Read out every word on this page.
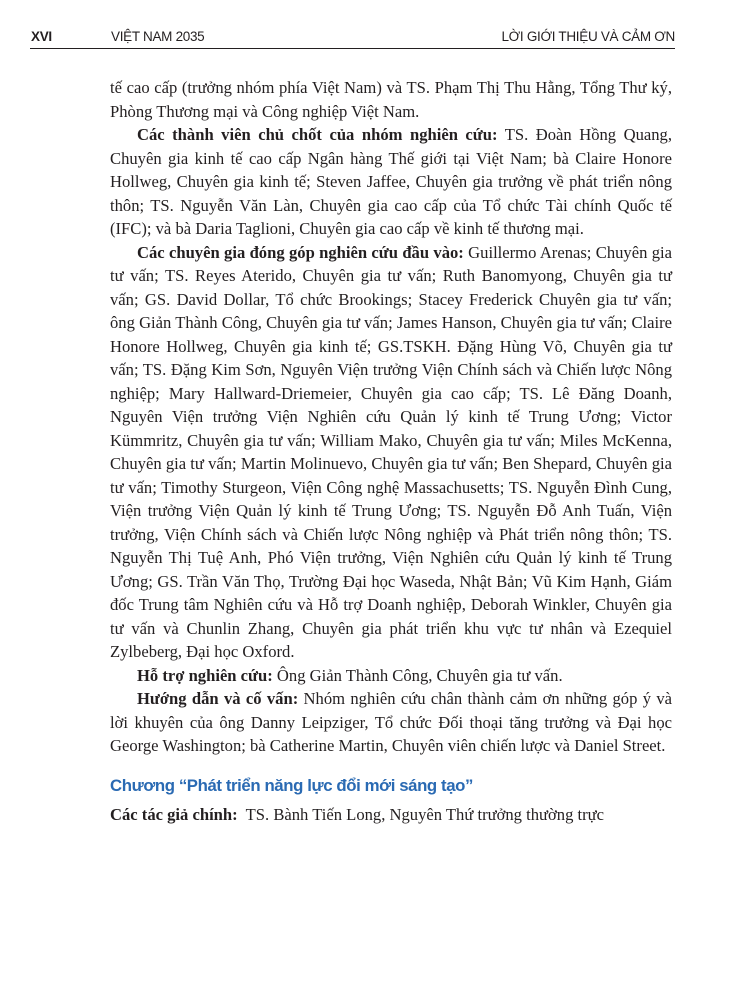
XVI	VIỆT NAM 2035	LỜI GIỚI THIỆU VÀ CẢM ƠN

tế cao cấp (trưởng nhóm phía Việt Nam) và TS. Phạm Thị Thu Hằng, Tổng Thư ký, Phòng Thương mại và Công nghiệp Việt Nam.

Các thành viên chủ chốt của nhóm nghiên cứu: TS. Đoàn Hồng Quang, Chuyên gia kinh tế cao cấp Ngân hàng Thế giới tại Việt Nam; bà Claire Honore Hollweg, Chuyên gia kinh tế; Steven Jaffee, Chuyên gia trưởng về phát triển nông thôn; TS. Nguyễn Văn Làn, Chuyên gia cao cấp của Tổ chức Tài chính Quốc tế (IFC); và bà Daria Taglioni, Chuyên gia cao cấp về kinh tế thương mại.

Các chuyên gia đóng góp nghiên cứu đầu vào: Guillermo Arenas; Chuyên gia tư vấn; TS. Reyes Aterido, Chuyên gia tư vấn; Ruth Banomyong, Chuyên gia tư vấn; GS. David Dollar, Tổ chức Brookings; Stacey Frederick Chuyên gia tư vấn; ông Giản Thành Công, Chuyên gia tư vấn; James Hanson, Chuyên gia tư vấn; Claire Honore Hollweg, Chuyên gia kinh tế; GS.TSKH. Đặng Hùng Võ, Chuyên gia tư vấn; TS. Đặng Kim Sơn, Nguyên Viện trưởng Viện Chính sách và Chiến lược Nông nghiệp; Mary Hallward-Driemeier, Chuyên gia cao cấp; TS. Lê Đăng Doanh, Nguyên Viện trưởng Viện Nghiên cứu Quản lý kinh tế Trung Ương; Victor Kümmritz, Chuyên gia tư vấn; William Mako, Chuyên gia tư vấn; Miles McKenna, Chuyên gia tư vấn; Martin Molinuevo, Chuyên gia tư vấn; Ben Shepard, Chuyên gia tư vấn; Timothy Sturgeon, Viện Công nghệ Massachusetts; TS. Nguyễn Đình Cung, Viện trưởng Viện Quản lý kinh tế Trung Ương; TS. Nguyễn Đỗ Anh Tuấn, Viện trưởng, Viện Chính sách và Chiến lược Nông nghiệp và Phát triển nông thôn; TS. Nguyễn Thị Tuệ Anh, Phó Viện trưởng, Viện Nghiên cứu Quản lý kinh tế Trung Ương; GS. Trần Văn Thọ, Trường Đại học Waseda, Nhật Bản; Vũ Kim Hạnh, Giám đốc Trung tâm Nghiên cứu và Hỗ trợ Doanh nghiệp, Deborah Winkler, Chuyên gia tư vấn và Chunlin Zhang, Chuyên gia phát triển khu vực tư nhân và Ezequiel Zylbeberg, Đại học Oxford.

Hỗ trợ nghiên cứu: Ông Giản Thành Công, Chuyên gia tư vấn.

Hướng dẫn và cố vấn: Nhóm nghiên cứu chân thành cảm ơn những góp ý và lời khuyên của ông Danny Leipziger, Tổ chức Đối thoại tăng trưởng và Đại học George Washington; bà Catherine Martin, Chuyên viên chiến lược và Daniel Street.

Chương “Phát triển năng lực đổi mới sáng tạo”

Các tác giả chính:  TS. Bành Tiến Long, Nguyên Thứ trưởng thường trực
